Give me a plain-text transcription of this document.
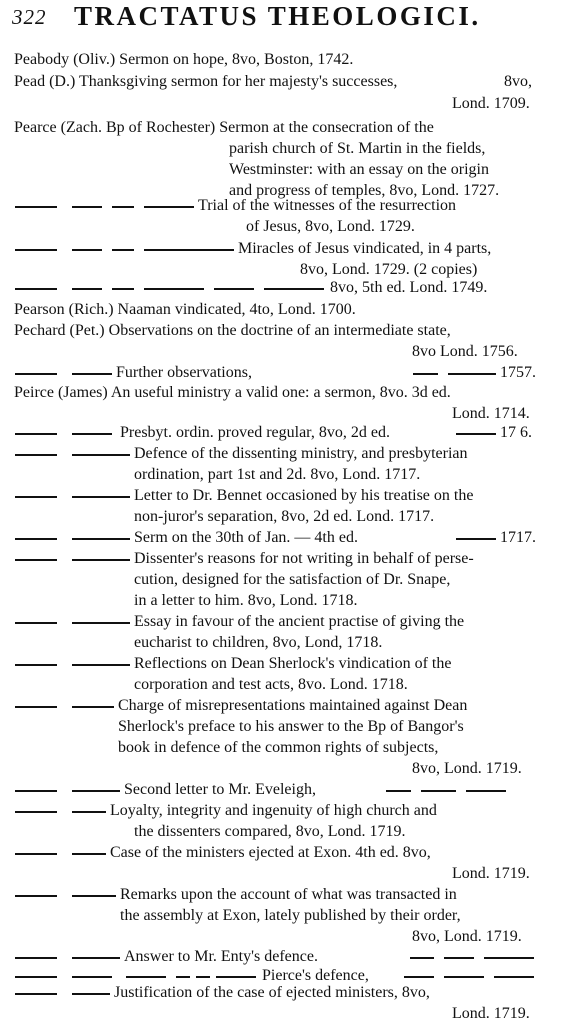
322 TRACTATUS THEOLOGICI.
Peabody (Oliv.) Sermon on hope, 8vo, Boston, 1742.
Pead (D.) Thanksgiving sermon for her majesty's successes,	8vo,
Lond. 1709.
Pearce (Zach. Bp of Rochester) Sermon at the consecration of the
parish church of St. Martin in the fields,
Westminster: with an essay on the origin
and progress of temples, 8vo, Lond. 1727.
Trial of the witnesses of the resurrection
of Jesus, 8vo, Lond. 1729.
Miracles of Jesus vindicated, in 4 parts,
8vo, Lond. 1729. (2 copies)
8vo, 5th ed. Lond. 1749.
Pearson (Rich.) Naaman vindicated, 4to, Lond. 1700.
Pechard (Pet.) Observations on the doctrine of an intermediate state,
8vo Lond. 1756.
Further observations,	1757.
Peirce (James) An useful ministry a valid one: a sermon, 8vo. 3d ed.
Lond. 1714.
Presbyt. ordin. proved regular, 8vo, 2d ed.	17 6.
Defence of the dissenting ministry, and presbyterian
ordination, part 1st and 2d. 8vo, Lond. 1717.
Letter to Dr. Bennet occasioned by his treatise on the
non-juror's separation, 8vo, 2d ed. Lond. 1717.
Serm on the 30th of Jan. — 4th ed.	1717.
Dissenter's reasons for not writing in behalf of perse-
cution, designed for the satisfaction of Dr. Snape,
in a letter to him. 8vo, Lond. 1718.
Essay in favour of the ancient practise of giving the
eucharist to children, 8vo, Lond, 1718.
Reflections on Dean Sherlock's vindication of the
corporation and test acts, 8vo. Lond. 1718.
Charge of misrepresentations maintained against Dean
Sherlock's preface to his answer to the Bp of Bangor's
book in defence of the common rights of subjects,
8vo, Lond. 1719.
Second letter to Mr. Eveleigh,
Loyalty, integrity and ingenuity of high church and
the dissenters compared, 8vo, Lond. 1719.
Case of the ministers ejected at Exon. 4th ed. 8vo,
Lond. 1719.
Remarks upon the account of what was transacted in
the assembly at Exon, lately published by their order,
8vo, Lond. 1719.
Answer to Mr. Enty's defence.
Pierce's defence,
Justification of the case of ejected ministers, 8vo,
Lond. 1719.
